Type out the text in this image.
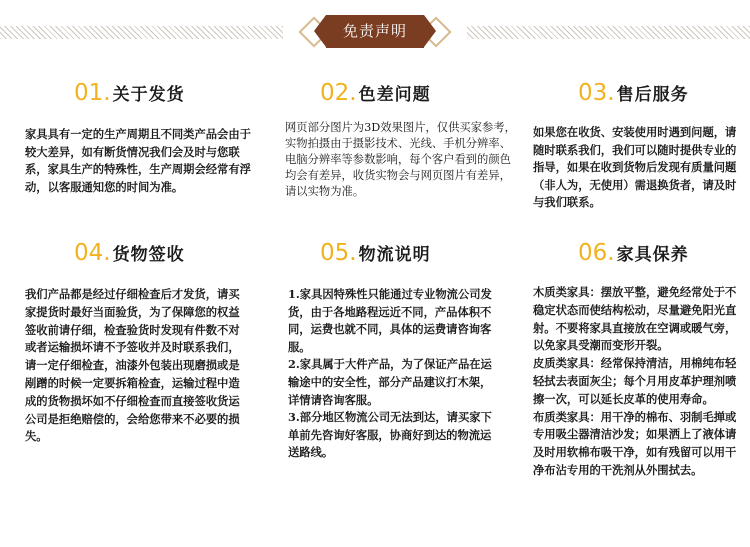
免责声明
01. 关于发货
家具具有一定的生产周期且不同类产品会由于较大差异，如有断货情况我们会及时与您联系，家具生产的特殊性，生产周期会经常有浮动，以客服通知您的时间为准。
02. 色差问题
网页部分图片为3D效果图片，仅供买家参考，实物拍摄由于摄影技术、光线、手机分辨率、电脑分辨率等参数影响，每个客户看到的颜色均会有差异，收货实物会与网页图片有差异，请以实物为准。
03. 售后服务
如果您在收货、安装使用时遇到问题，请随时联系我们，我们可以随时提供专业的指导，如果在收到货物后发现有质量问题（非人为，无使用）需退换货者，请及时与我们联系。
04. 货物签收
我们产品都是经过仔细检查后才发货，请买家提货时最好当面验货，为了保障您的权益签收前请仔细，检查验货时发现有件数不对或者运输损坏请不予签收并及时联系我们，请一定仔细检查，油漆外包装出现磨损或是剐蹭的时候一定要拆箱检查，运输过程中造成的货物损坏如不仔细检查而直接签收货运公司是拒绝赔偿的，会给您带来不必要的损失。
05. 物流说明

1.家具因特殊性只能通过专业物流公司发货，由于各地路程远近不同，产品体积不同，运费也就不同，具体的运费请咨询客服。

2.家具属于大件产品，为了保证产品在运输途中的安全性，部分产品建议打木架，详情请咨询客服。

3.部分地区物流公司无法到达，请买家下单前先咨询好客服，协商好到达的物流运送路线。

06. 家具保养

木质类家具：摆放平整，避免经常处于不稳定状态而使结构松动，尽量避免阳光直射。不要将家具直接放在空调或暖气旁，以免家具受潮而变形开裂。

皮质类家具：经常保持清洁，用棉纯布轻轻拭去表面灰尘；每个月用皮革护理剂喷擦一次，可以延长皮革的使用寿命。

布质类家具：用干净的棉布、羽制毛掸或专用吸尘器清洁沙发；如果洒上了液体请及时用软棉布吸干净，如有残留可以用干净布沾专用的干洗剂从外围拭去。
